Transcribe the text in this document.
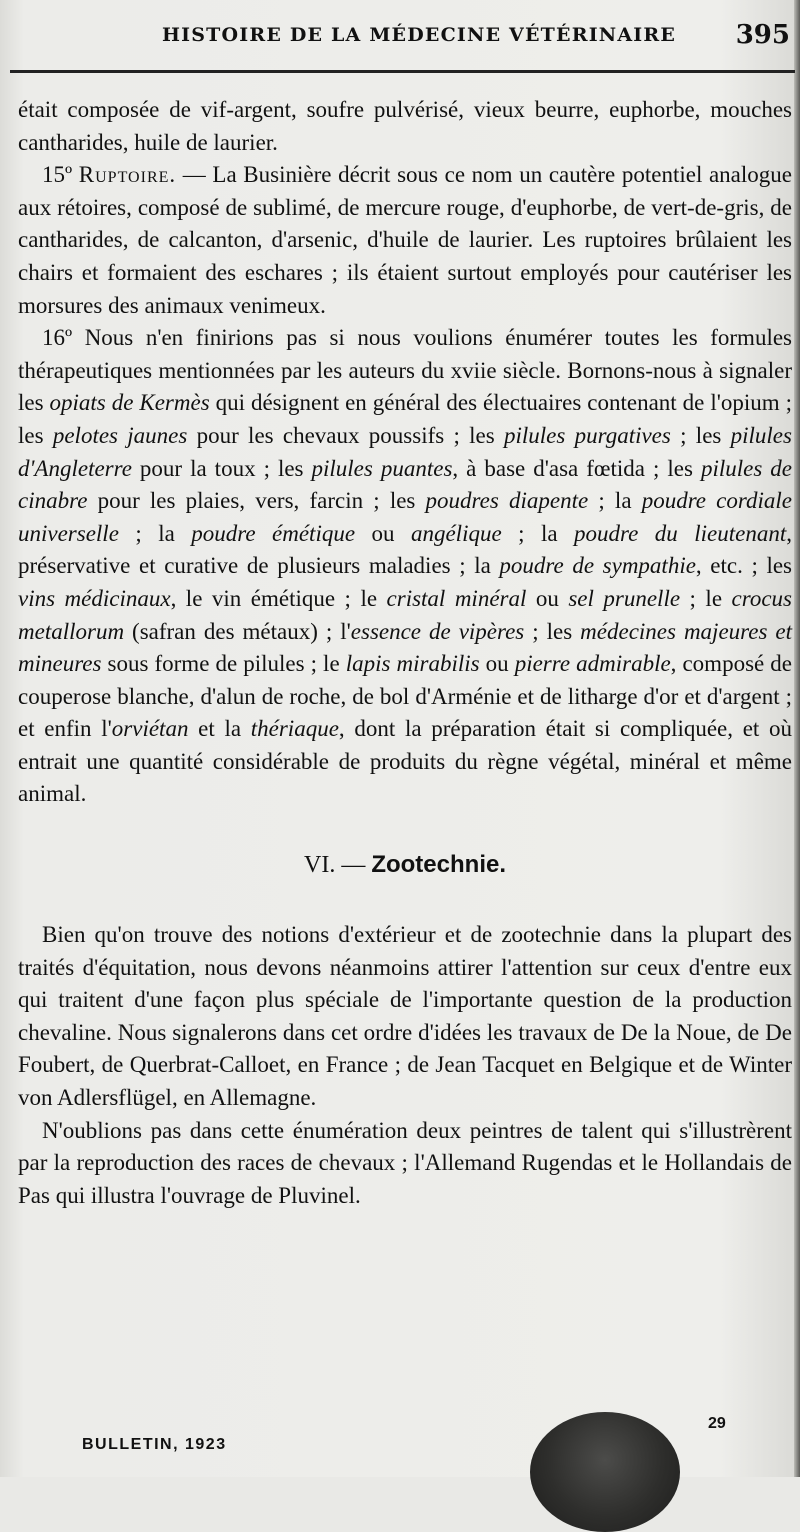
HISTOIRE DE LA MÉDECINE VÉTÉRINAIRE	395

était composée de vif-argent, soufre pulvérisé, vieux beurre, euphorbe, mouches cantharides, huile de laurier.

15º Ruptoire. — La Businière décrit sous ce nom un cautère potentiel analogue aux rétoires, composé de sublimé, de mercure rouge, d'euphorbe, de vert-de-gris, de cantharides, de calcanton, d'arsenic, d'huile de laurier. Les ruptoires brûlaient les chairs et formaient des eschares ; ils étaient surtout employés pour cautériser les morsures des animaux venimeux.

16º Nous n'en finirions pas si nous voulions énumérer toutes les formules thérapeutiques mentionnées par les auteurs du xviie siècle. Bornons-nous à signaler les opiats de Kermès qui désignent en général des électuaires contenant de l'opium ; les pelotes jaunes pour les chevaux poussifs ; les pilules purgatives ; les pilules d'Angleterre pour la toux ; les pilules puantes, à base d'asa fœtida ; les pilules de cinabre pour les plaies, vers, farcin ; les poudres diapente ; la poudre cordiale universelle ; la poudre émétique ou angélique ; la poudre du lieutenant, préservative et curative de plusieurs maladies ; la poudre de sympathie, etc. ; les vins médicinaux, le vin émétique ; le cristal minéral ou sel prunelle ; le crocus metallorum (safran des métaux) ; l'essence de vipères ; les médecines majeures et mineures sous forme de pilules ; le lapis mirabilis ou pierre admirable, composé de couperose blanche, d'alun de roche, de bol d'Arménie et de litharge d'or et d'argent ; et enfin l'orviétan et la thériaque, dont la préparation était si compliquée, et où entrait une quantité considérable de produits du règne végétal, minéral et même animal.

VI. — Zootechnie.

Bien qu'on trouve des notions d'extérieur et de zootechnie dans la plupart des traités d'équitation, nous devons néanmoins attirer l'attention sur ceux d'entre eux qui traitent d'une façon plus spéciale de l'importante question de la production chevaline. Nous signalerons dans cet ordre d'idées les travaux de De la Noue, de De Foubert, de Querbrat-Calloet, en France ; de Jean Tacquet en Belgique et de Winter von Adlersflügel, en Allemagne.

N'oublions pas dans cette énumération deux peintres de talent qui s'illustrèrent par la reproduction des races de chevaux ; l'Allemand Rugendas et le Hollandais de Pas qui illustra l'ouvrage de Pluvinel.

29
BULLETIN, 1923
